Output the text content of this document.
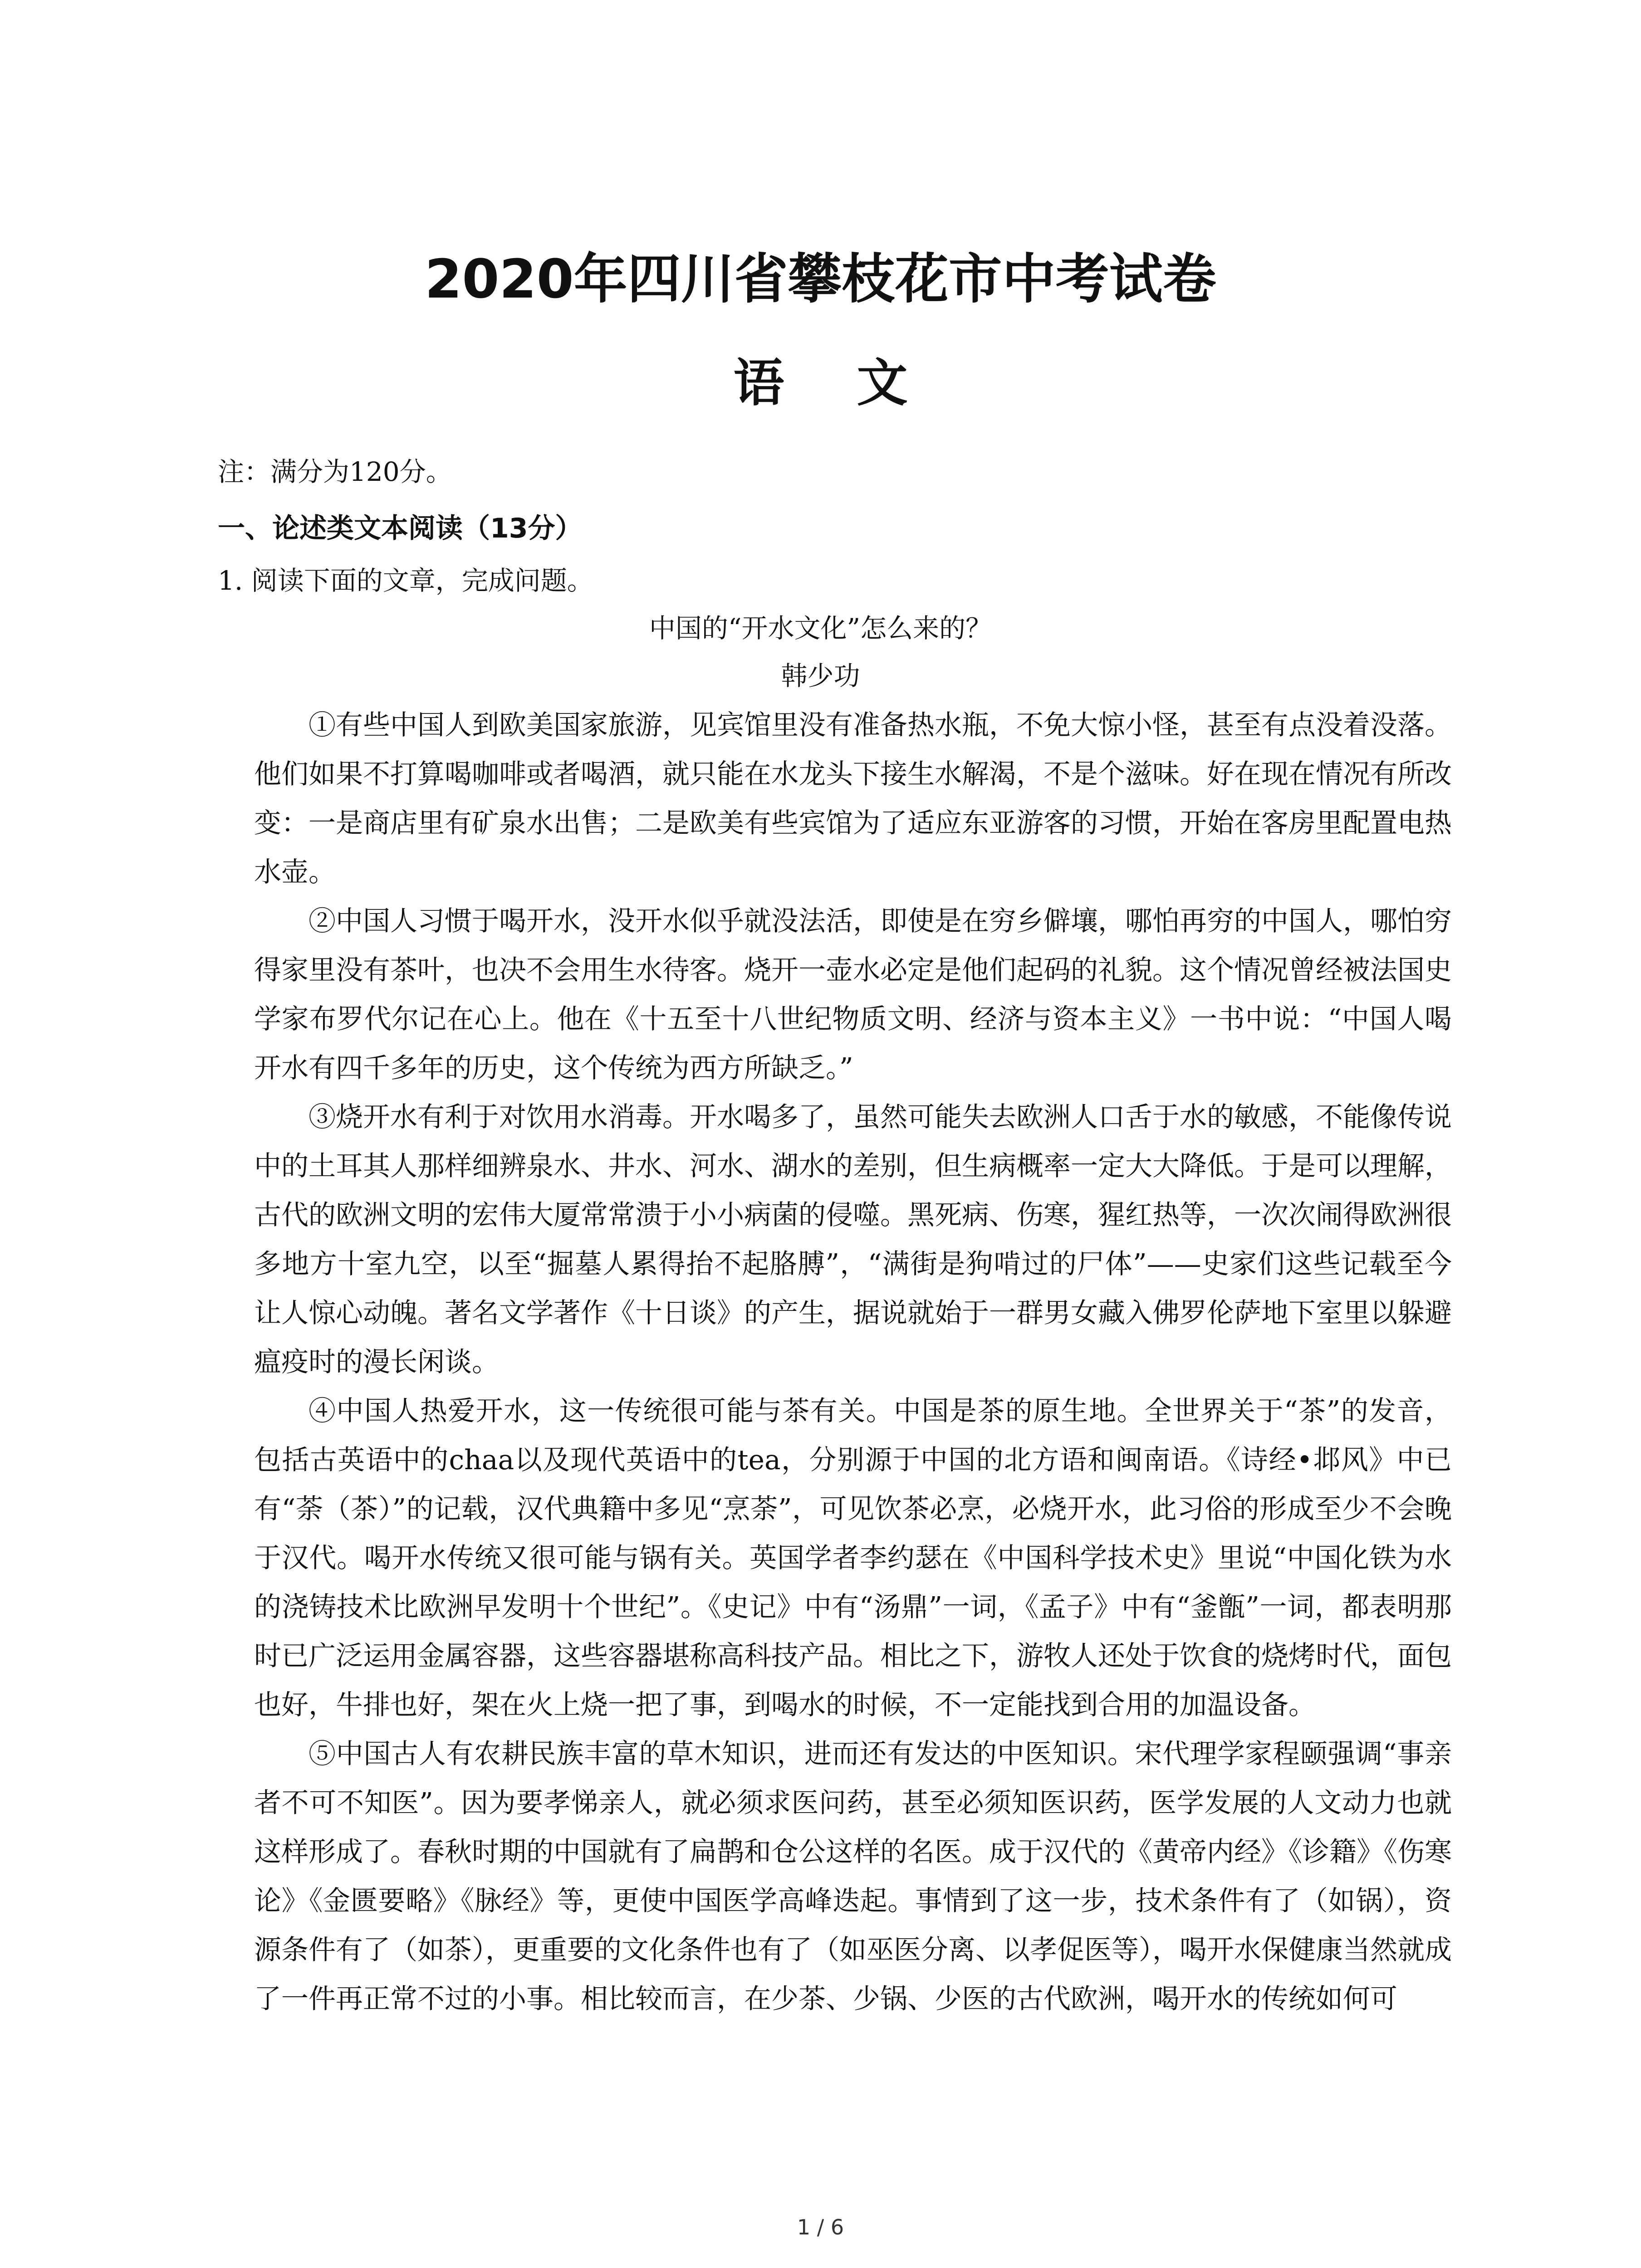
2020年四川省攀枝花市中考试卷
语文

注：满分为120分。

一、论述类文本阅读（13分）

1. 阅读下面的文章，完成问题。

中国的“开水文化”怎么来的？

韩少功

①有些中国人到欧美国家旅游，见宾馆里没有准备热水瓶，不免大惊小怪，甚至有点没着没落。他们如果不打算喝咖啡或者喝酒，就只能在水龙头下接生水解渴，不是个滋味。好在现在情况有所改变：一是商店里有矿泉水出售；二是欧美有些宾馆为了适应东亚游客的习惯，开始在客房里配置电热水壶。

②中国人习惯于喝开水，没开水似乎就没法活，即使是在穷乡僻壤，哪怕再穷的中国人，哪怕穷得家里没有茶叶，也决不会用生水待客。烧开一壶水必定是他们起码的礼貌。这个情况曾经被法国史学家布罗代尔记在心上。他在《十五至十八世纪物质文明、经济与资本主义》一书中说：“中国人喝开水有四千多年的历史，这个传统为西方所缺乏。”

③烧开水有利于对饮用水消毒。开水喝多了，虽然可能失去欧洲人口舌于水的敏感，不能像传说中的土耳其人那样细辨泉水、井水、河水、湖水的差别，但生病概率一定大大降低。于是可以理解，古代的欧洲文明的宏伟大厦常常溃于小小病菌的侵噬。黑死病、伤寒，猩红热等，一次次闹得欧洲很多地方十室九空，以至“掘墓人累得抬不起胳膊”，“满街是狗啃过的尸体”——史家们这些记载至今让人惊心动魄。著名文学著作《十日谈》的产生，据说就始于一群男女藏入佛罗伦萨地下室里以躲避瘟疫时的漫长闲谈。

④中国人热爱开水，这一传统很可能与茶有关。中国是茶的原生地。全世界关于“茶”的发音，包括古英语中的chaa以及现代英语中的tea，分别源于中国的北方语和闽南语。《诗经•邶风》中已有“荼（茶）”的记载，汉代典籍中多见“烹荼”，可见饮茶必烹，必烧开水，此习俗的形成至少不会晚于汉代。喝开水传统又很可能与锅有关。英国学者李约瑟在《中国科学技术史》里说“中国化铁为水的浇铸技术比欧洲早发明十个世纪”。《史记》中有“汤鼎”一词，《孟子》中有“釜甑”一词，都表明那时已广泛运用金属容器，这些容器堪称高科技产品。相比之下，游牧人还处于饮食的烧烤时代，面包也好，牛排也好，架在火上烧一把了事，到喝水的时候，不一定能找到合用的加温设备。

⑤中国古人有农耕民族丰富的草木知识，进而还有发达的中医知识。宋代理学家程颐强调“事亲者不可不知医”。因为要孝悌亲人，就必须求医问药，甚至必须知医识药，医学发展的人文动力也就这样形成了。春秋时期的中国就有了扁鹊和仓公这样的名医。成于汉代的《黄帝内经》《诊籍》《伤寒论》《金匮要略》《脉经》等，更使中国医学高峰迭起。事情到了这一步，技术条件有了（如锅），资源条件有了（如茶），更重要的文化条件也有了（如巫医分离、以孝促医等），喝开水保健康当然就成了一件再正常不过的小事。相比较而言，在少茶、少锅、少医的古代欧洲，喝开水的传统如何可

1 / 6
